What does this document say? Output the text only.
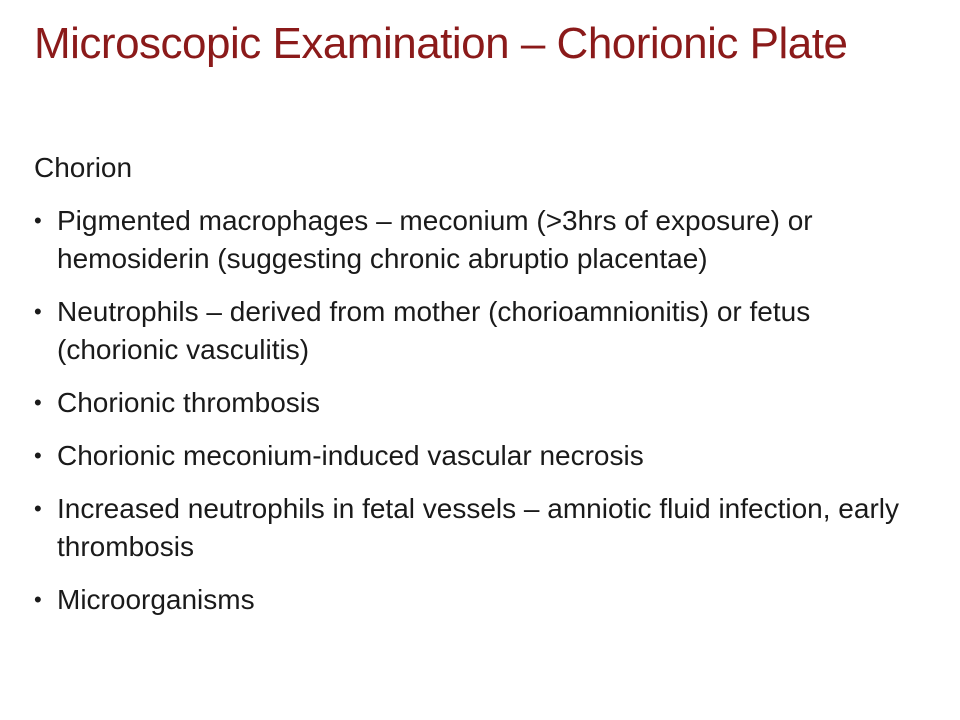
Microscopic Examination – Chorionic Plate

Chorion

• Pigmented macrophages – meconium (>3hrs of exposure) or hemosiderin (suggesting chronic abruptio placentae)
• Neutrophils – derived from mother (chorioamnionitis) or fetus (chorionic vasculitis)
• Chorionic thrombosis
• Chorionic meconium-induced vascular necrosis
• Increased neutrophils in fetal vessels – amniotic fluid infection, early thrombosis
• Microorganisms
